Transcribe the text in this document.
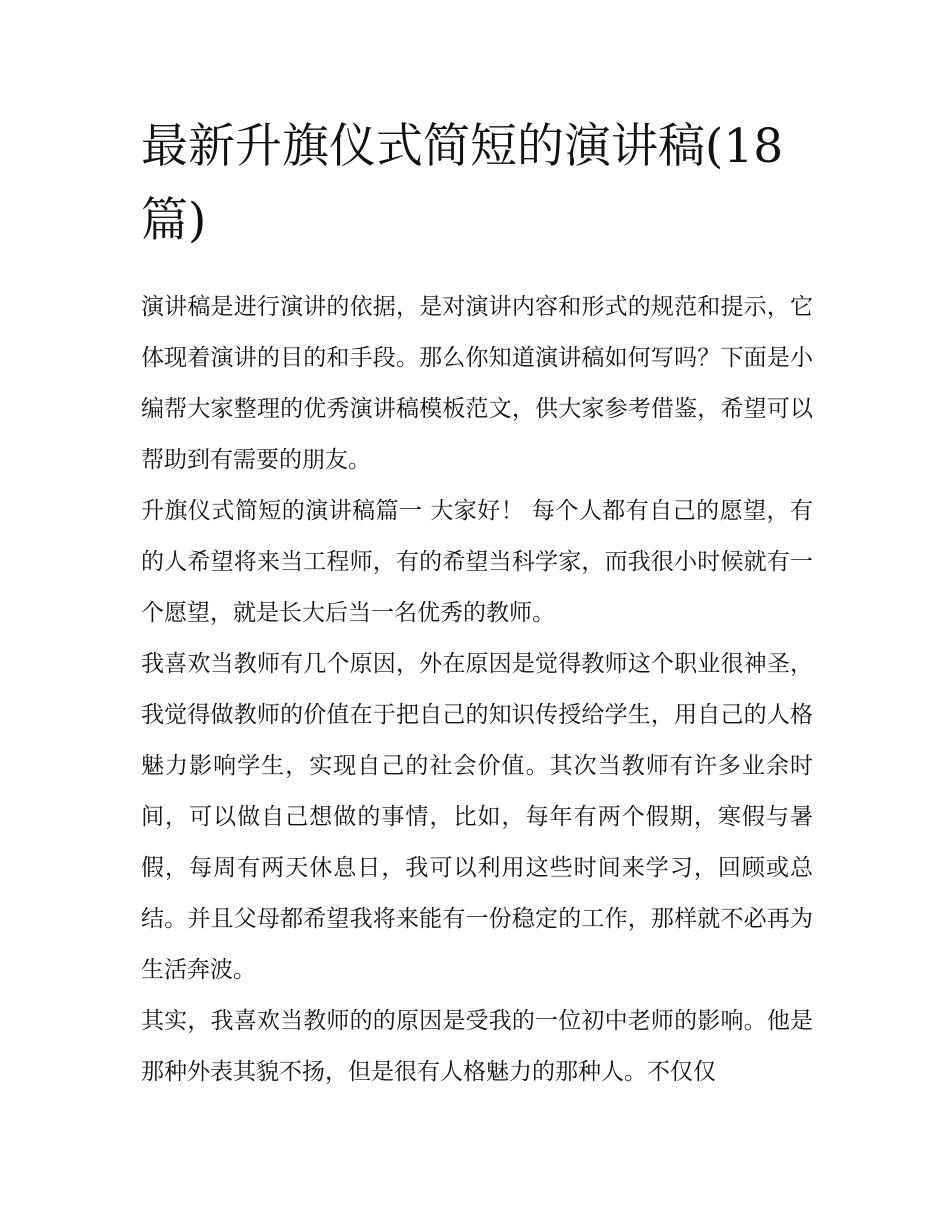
最新升旗仪式简短的演讲稿(18篇)

演讲稿是进行演讲的依据，是对演讲内容和形式的规范和提示，它体现着演讲的目的和手段。那么你知道演讲稿如何写吗？下面是小编帮大家整理的优秀演讲稿模板范文，供大家参考借鉴，希望可以帮助到有需要的朋友。

升旗仪式简短的演讲稿篇一 大家好！ 每个人都有自己的愿望，有的人希望将来当工程师，有的希望当科学家，而我很小时候就有一个愿望，就是长大后当一名优秀的教师。

我喜欢当教师有几个原因，外在原因是觉得教师这个职业很神圣，我觉得做教师的价值在于把自己的知识传授给学生，用自己的人格魅力影响学生，实现自己的社会价值。其次当教师有许多业余时间，可以做自己想做的事情，比如，每年有两个假期，寒假与暑假，每周有两天休息日，我可以利用这些时间来学习，回顾或总结。并且父母都希望我将来能有一份稳定的工作，那样就不必再为生活奔波。

其实，我喜欢当教师的的原因是受我的一位初中老师的影响。他是那种外表其貌不扬，但是很有人格魅力的那种人。不仅仅
